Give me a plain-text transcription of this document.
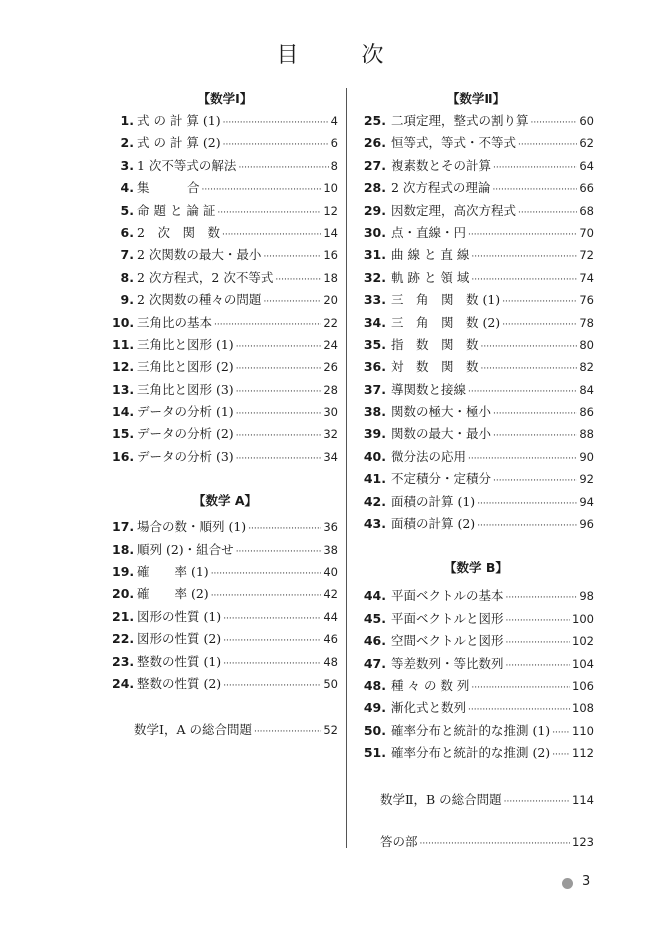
目	次
【数学Ⅰ】
1. 式 の 計 算 (1) ·····	4
2. 式 の 計 算 (2) ·····	6
3. 1 次不等式の解法 ·····	8
4. 集　　　合 ·····	10
5. 命 題 と 論 証 ·····	12
6. 2　次　関　数 ·····	14
7. 2 次関数の最大・最小 ·····	16
8. 2 次方程式，2 次不等式 ·····	18
9. 2 次関数の種々の問題 ·····	20
10. 三角比の基本 ·····	22
11. 三角比と図形 (1) ·····	24
12. 三角比と図形 (2) ·····	26
13. 三角比と図形 (3) ·····	28
14. データの分析 (1) ·····	30
15. データの分析 (2) ·····	32
16. データの分析 (3) ·····	34
【数学 A】
17. 場合の数・順列 (1) ·····	36
18. 順列 (2)・組合せ ·····	38
19. 確　　率 (1) ·····	40
20. 確　　率 (2) ·····	42
21. 図形の性質 (1) ·····	44
22. 図形の性質 (2) ·····	46
23. 整数の性質 (1) ·····	48
24. 整数の性質 (2) ·····	50
数学Ⅰ，A の総合問題 ·····	52
【数学Ⅱ】
25. 二項定理，整式の割り算 ·····	60
26. 恒等式，等式・不等式 ·····	62
27. 複素数とその計算 ·····	64
28. 2 次方程式の理論 ·····	66
29. 因数定理，高次方程式 ·····	68
30. 点・直線・円 ·····	70
31. 曲 線 と 直 線 ·····	72
32. 軌 跡 と 領 域 ·····	74
33. 三　角　関　数 (1) ·····	76
34. 三　角　関　数 (2) ·····	78
35. 指　数　関　数 ·····	80
36. 対　数　関　数 ·····	82
37. 導関数と接線 ·····	84
38. 関数の極大・極小 ·····	86
39. 関数の最大・最小 ·····	88
40. 微分法の応用 ·····	90
41. 不定積分・定積分 ·····	92
42. 面積の計算 (1) ·····	94
43. 面積の計算 (2) ·····	96
【数学 B】
44. 平面ベクトルの基本 ·····	98
45. 平面ベクトルと図形 ·····	100
46. 空間ベクトルと図形 ·····	102
47. 等差数列・等比数列 ·····	104
48. 種 々 の 数 列 ·····	106
49. 漸化式と数列 ·····	108
50. 確率分布と統計的な推測 (1) ····· 110
51. 確率分布と統計的な推測 (2) ····· 112
数学Ⅱ，B の総合問題 ·····	114
答の部 ·····	123
3
